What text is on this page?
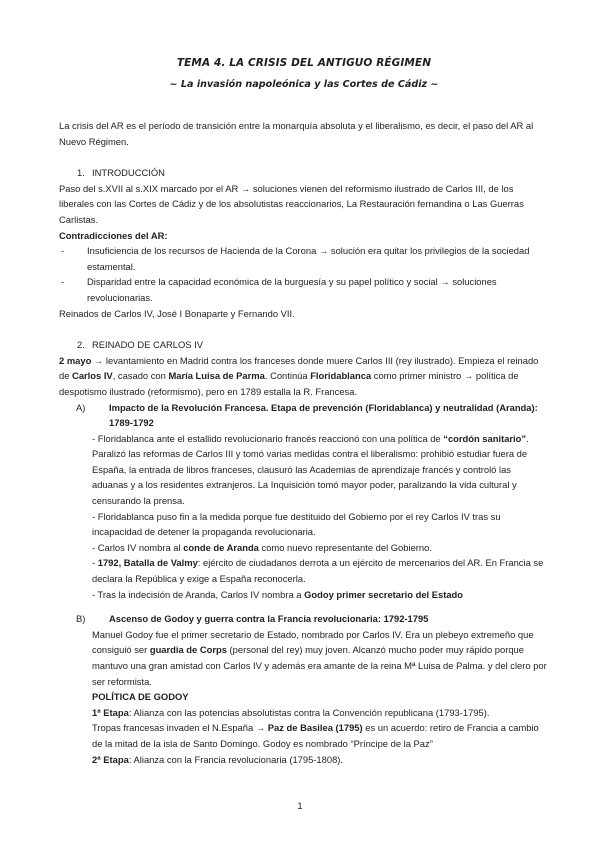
TEMA 4. LA CRISIS DEL ANTIGUO RÉGIMEN
~ La invasión napoleónica y las Cortes de Cádiz ~

La crisis del AR es el período de transición entre la monarquía absoluta y el liberalismo, es decir, el paso del AR al Nuevo Régimen.

1. INTRODUCCIÓN

Paso del s.XVII al s.XIX marcado por el AR → soluciones vienen del reformismo ilustrado de Carlos III, de los liberales con las Cortes de Cádiz y de los absolutistas reaccionarios, La Restauración fernandina o Las Guerras Carlistas.

Contradicciones del AR:

-	Insuficiencia de los recursos de Hacienda de la Corona → solución era quitar los privilegios de la sociedad estamental.
-	Disparidad entre la capacidad económica de la burguesía y su papel político y social → soluciones revolucionarias.

Reinados de Carlos IV, José I Bonaparte y Fernando VII.

2. REINADO DE CARLOS IV

2 mayo → levantamiento en Madrid contra los franceses donde muere Carlos III (rey ilustrado). Empieza el reinado de Carlos IV, casado con María Luisa de Parma. Continúa Floridablanca como primer ministro → política de despotismo ilustrado (reformismo), pero en 1789 estalla la R. Francesa.

A)	Impacto de la Revolución Francesa. Etapa de prevención (Floridablanca) y neutralidad (Aranda): 1789-1792

- Floridablanca ante el estallido revolucionario francés reaccionó con una política de “cordón sanitario”. Paralizó las reformas de Carlos III y tomó varias medidas contra el liberalismo: prohibió estudiar fuera de España, la entrada de libros franceses, clausuró las Academias de aprendizaje francés y controló las aduanas y a los residentes extranjeros. La Inquisición tomó mayor poder, paralizando la vida cultural y censurando la prensa.

- Floridablanca puso fin a la medida porque fue destituido del Gobierno por el rey Carlos IV tras su incapacidad de detener la propaganda revolucionaria.

- Carlos IV nombra al conde de Aranda como nuevo representante del Gobierno.

- 1792, Batalla de Valmy: ejército de ciudadanos derrota a un ejército de mercenarios del AR. En Francia se declara la República y exige a España reconocerla.

- Tras la indecisión de Aranda, Carlos IV nombra a Godoy primer secretario del Estado

B)	Ascenso de Godoy y guerra contra la Francia revolucionaria: 1792-1795

Manuel Godoy fue el primer secretario de Estado, nombrado por Carlos IV. Era un plebeyo extremeño que consiguió ser guardia de Corps (personal del rey) muy joven. Alcanzó mucho poder muy rápido porque mantuvo una gran amistad con Carlos IV y además era amante de la reina Mª Luisa de Palma. y del clero por ser reformista.

POLÍTICA DE GODOY

1ª Etapa: Alianza con las potencias absolutistas contra la Convención republicana (1793-1795).

Tropas francesas invaden el N.España → Paz de Basilea (1795) es un acuerdo: retiro de Francia a cambio de la mitad de la isla de Santo Domingo. Godoy es nombrado “Príncipe de la Paz”

2ª Etapa: Alianza con la Francia revolucionaria (1795-1808).

1
